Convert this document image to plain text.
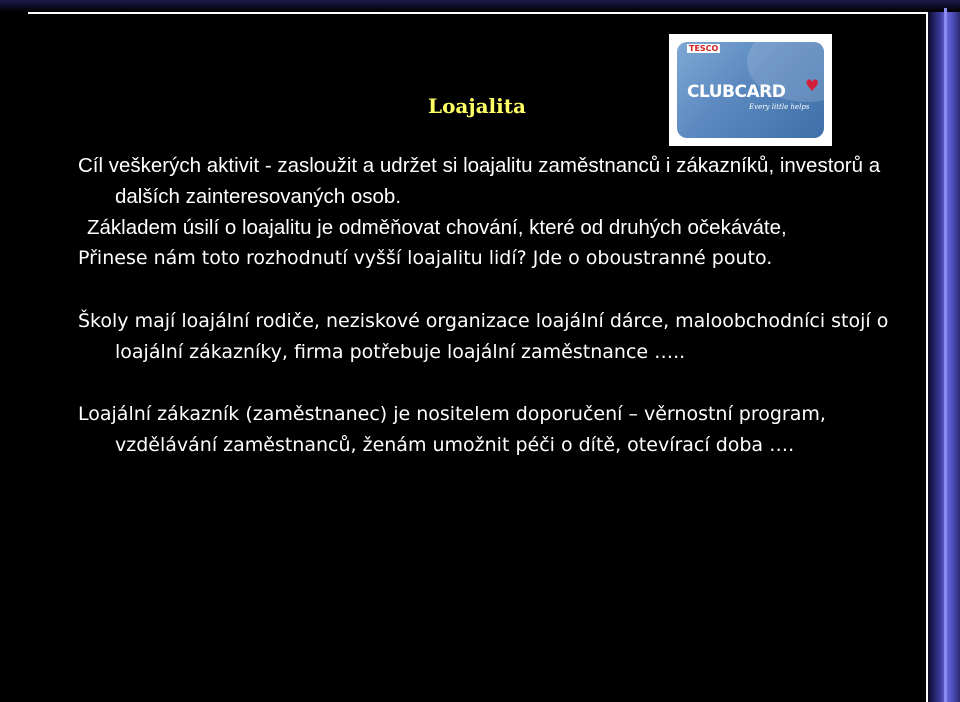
Loajalita
TESCO
CLUBCARD ♥
Every little helps

Cíl veškerých aktivit - zasloužit a udržet si loajalitu zaměstnanců i zákazníků, investorů a dalších zainteresovaných osob.

Základem úsilí o loajalitu je odměňovat chování, které od druhých očekáváte,

Přinese nám toto rozhodnutí vyšší loajalitu lidí? Jde o oboustranné pouto.

Školy mají loajální rodiče, neziskové organizace loajální dárce, maloobchodníci stojí o loajální zákazníky, firma potřebuje loajální zaměstnance …..

Loajální zákazník (zaměstnanec) je nositelem doporučení – věrnostní program, vzdělávání zaměstnanců, ženám umožnit péči o dítě, otevírací doba ….
